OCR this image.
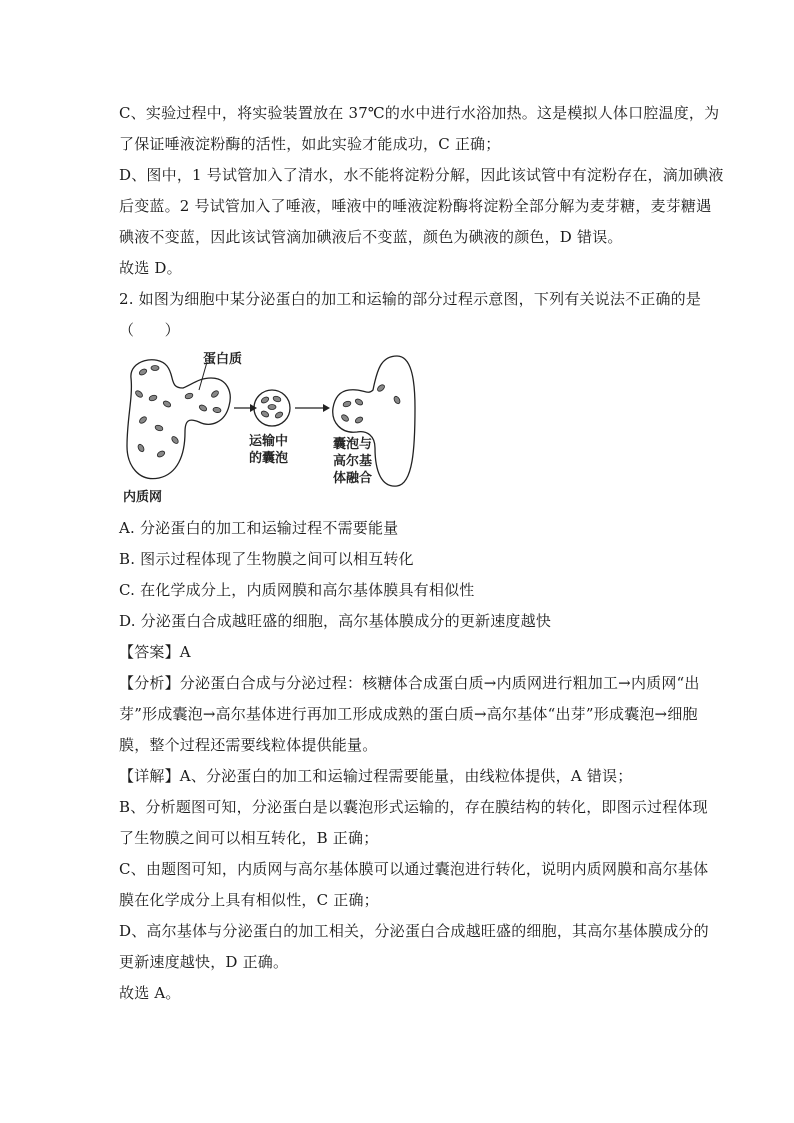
C、实验过程中，将实验装置放在 37℃的水中进行水浴加热。这是模拟人体口腔温度，为
了保证唾液淀粉酶的活性，如此实验才能成功，C 正确；
D、图中，1 号试管加入了清水，水不能将淀粉分解，因此该试管中有淀粉存在，滴加碘液
后变蓝。2 号试管加入了唾液，唾液中的唾液淀粉酶将淀粉全部分解为麦芽糖，麦芽糖遇
碘液不变蓝，因此该试管滴加碘液后不变蓝，颜色为碘液的颜色，D 错误。
故选 D。
2. 如图为细胞中某分泌蛋白的加工和运输的部分过程示意图，下列有关说法不正确的是
（　　）
蛋白质
运输中
的囊泡
囊泡与
高尔基
体融合
内质网
A. 分泌蛋白的加工和运输过程不需要能量
B. 图示过程体现了生物膜之间可以相互转化
C. 在化学成分上，内质网膜和高尔基体膜具有相似性
D. 分泌蛋白合成越旺盛的细胞，高尔基体膜成分的更新速度越快
【答案】A
【分析】分泌蛋白合成与分泌过程：核糖体合成蛋白质→内质网进行粗加工→内质网“出
芽”形成囊泡→高尔基体进行再加工形成成熟的蛋白质→高尔基体“出芽”形成囊泡→细胞
膜，整个过程还需要线粒体提供能量。
【详解】A、分泌蛋白的加工和运输过程需要能量，由线粒体提供，A 错误；
B、分析题图可知，分泌蛋白是以囊泡形式运输的，存在膜结构的转化，即图示过程体现
了生物膜之间可以相互转化，B 正确；
C、由题图可知，内质网与高尔基体膜可以通过囊泡进行转化，说明内质网膜和高尔基体
膜在化学成分上具有相似性，C 正确；
D、高尔基体与分泌蛋白的加工相关，分泌蛋白合成越旺盛的细胞，其高尔基体膜成分的
更新速度越快，D 正确。
故选 A。
